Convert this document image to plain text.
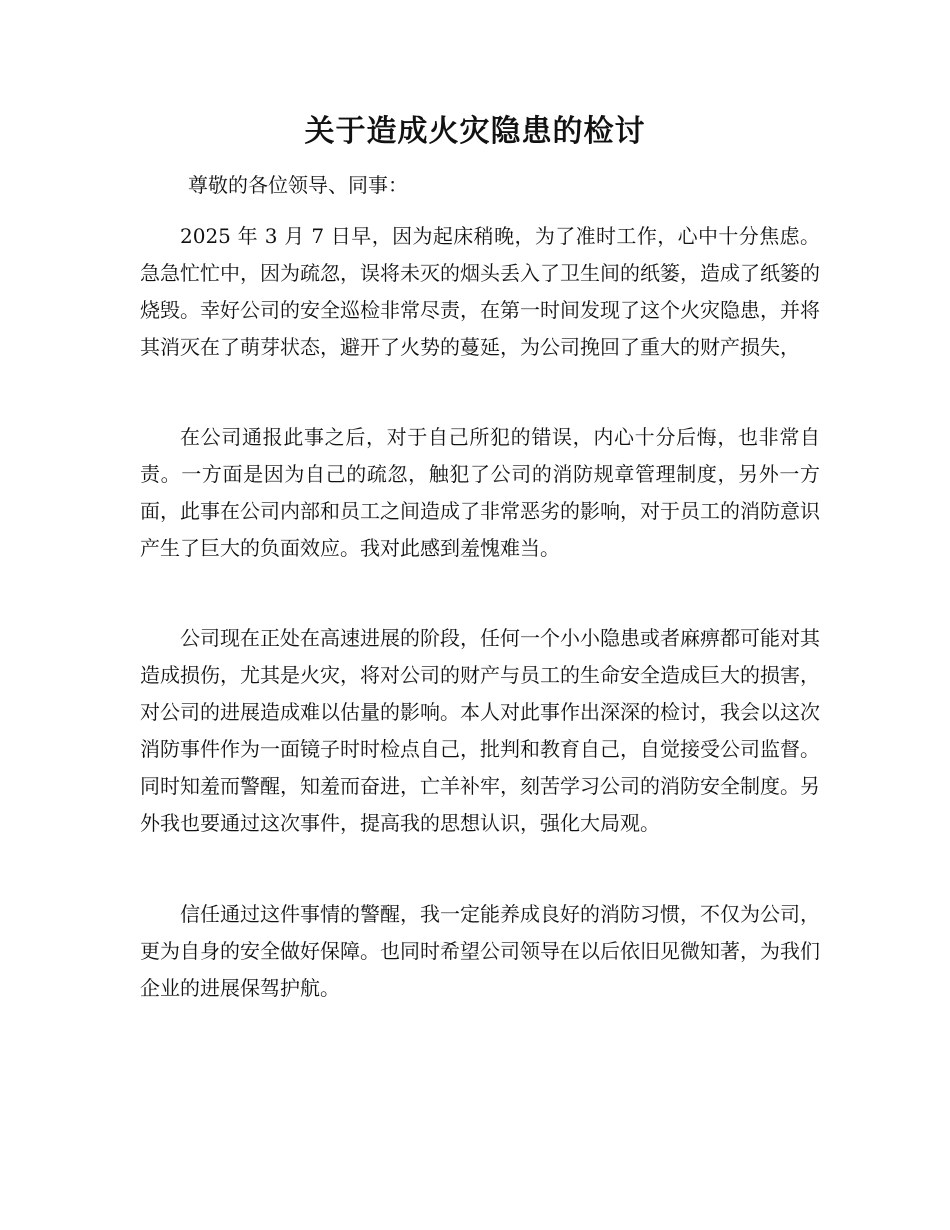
关于造成火灾隐患的检讨

尊敬的各位领导、同事：

2025 年 3 月 7 日早，因为起床稍晚，为了准时工作，心中十分焦虑。急急忙忙中，因为疏忽，误将未灭的烟头丢入了卫生间的纸篓，造成了纸篓的烧毁。幸好公司的安全巡检非常尽责，在第一时间发现了这个火灾隐患，并将其消灭在了萌芽状态，避开了火势的蔓延，为公司挽回了重大的财产损失，

在公司通报此事之后，对于自己所犯的错误，内心十分后悔，也非常自责。一方面是因为自己的疏忽，触犯了公司的消防规章管理制度，另外一方面，此事在公司内部和员工之间造成了非常恶劣的影响，对于员工的消防意识产生了巨大的负面效应。我对此感到羞愧难当。

公司现在正处在高速进展的阶段，任何一个小小隐患或者麻痹都可能对其造成损伤，尤其是火灾，将对公司的财产与员工的生命安全造成巨大的损害，对公司的进展造成难以估量的影响。本人对此事作出深深的检讨，我会以这次消防事件作为一面镜子时时检点自己，批判和教育自己，自觉接受公司监督。同时知羞而警醒，知羞而奋进，亡羊补牢，刻苦学习公司的消防安全制度。另外我也要通过这次事件，提高我的思想认识，强化大局观。

信任通过这件事情的警醒，我一定能养成良好的消防习惯，不仅为公司，更为自身的安全做好保障。也同时希望公司领导在以后依旧见微知著，为我们企业的进展保驾护航。
